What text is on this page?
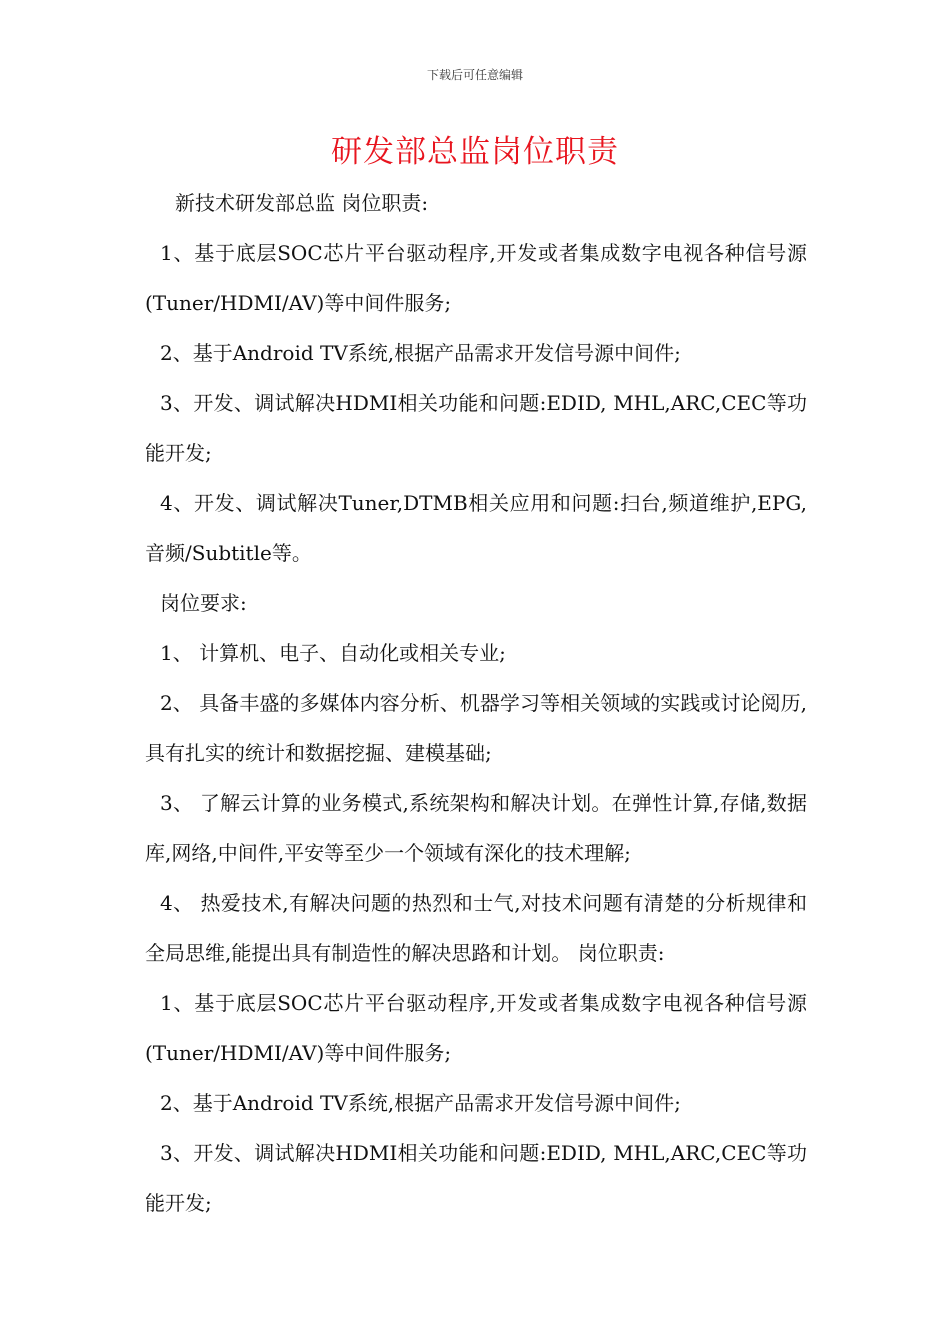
下载后可任意编辑
研发部总监岗位职责

新技术研发部总监 岗位职责:

1、基于底层SOC芯片平台驱动程序,开发或者集成数字电视各种信号源(Tuner/HDMI/AV)等中间件服务;

2、基于Android TV系统,根据产品需求开发信号源中间件;

3、开发、调试解决HDMI相关功能和问题:EDID, MHL,ARC,CEC等功能开发;

4、开发、调试解决Tuner,DTMB相关应用和问题:扫台,频道维护,EPG,音频/Subtitle等。

岗位要求:

1、 计算机、电子、自动化或相关专业;

2、 具备丰盛的多媒体内容分析、机器学习等相关领域的实践或讨论阅历,具有扎实的统计和数据挖掘、建模基础;

3、 了解云计算的业务模式,系统架构和解决计划。在弹性计算,存储,数据库,网络,中间件,平安等至少一个领域有深化的技术理解;

4、 热爱技术,有解决问题的热烈和士气,对技术问题有清楚的分析规律和全局思维,能提出具有制造性的解决思路和计划。 岗位职责:

1、基于底层SOC芯片平台驱动程序,开发或者集成数字电视各种信号源(Tuner/HDMI/AV)等中间件服务;

2、基于Android TV系统,根据产品需求开发信号源中间件;

3、开发、调试解决HDMI相关功能和问题:EDID, MHL,ARC,CEC等功能开发;
